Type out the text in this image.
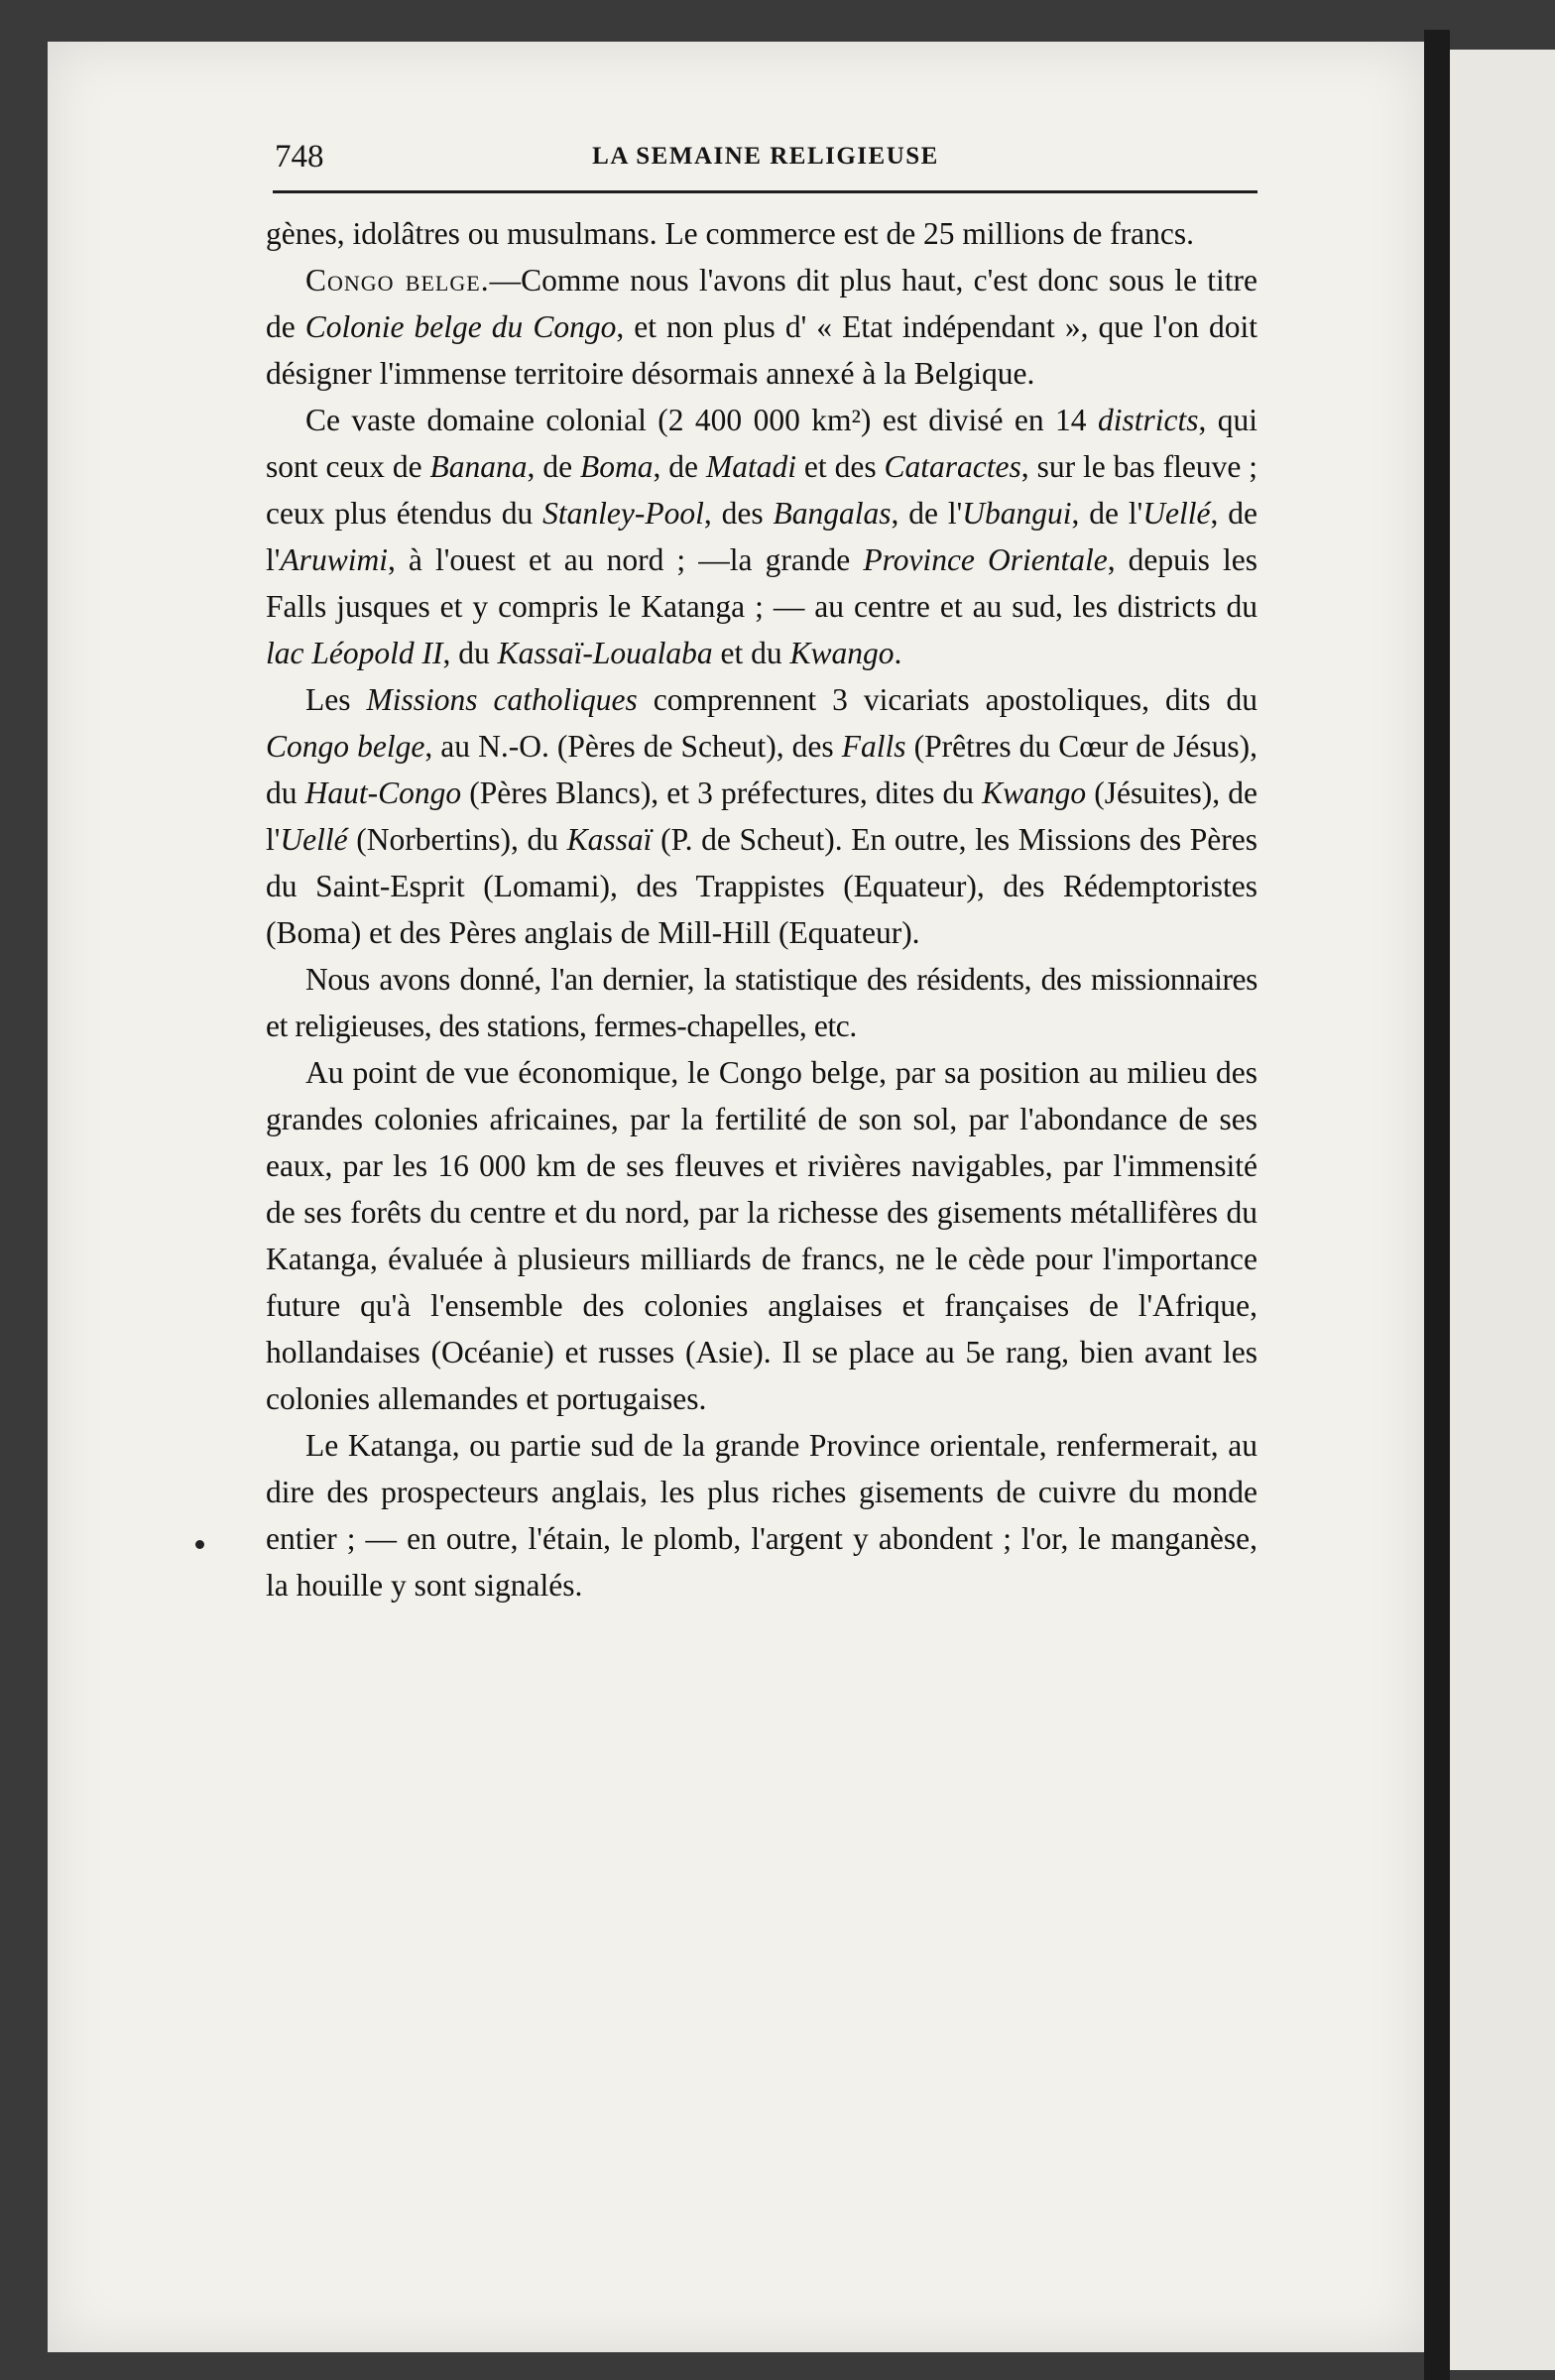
748	LA SEMAINE RELIGIEUSE

gènes, idolâtres ou musulmans. Le commerce est de 25 millions de francs.

Congo belge.—Comme nous l'avons dit plus haut, c'est donc sous le titre de Colonie belge du Congo, et non plus d' « Etat indépendant », que l'on doit désigner l'immense territoire désormais annexé à la Belgique.

Ce vaste domaine colonial (2 400 000 km²) est divisé en 14 districts, qui sont ceux de Banana, de Boma, de Matadi et des Cataractes, sur le bas fleuve ; ceux plus étendus du Stanley-Pool, des Bangalas, de l'Ubangui, de l'Uellé, de l'Aruwimi, à l'ouest et au nord ; —la grande Province Orientale, depuis les Falls jusques et y compris le Katanga ; — au centre et au sud, les districts du lac Léopold II, du Kassaï-Loualaba et du Kwango.

Les Missions catholiques comprennent 3 vicariats apostoliques, dits du Congo belge, au N.-O. (Pères de Scheut), des Falls (Prêtres du Cœur de Jésus), du Haut-Congo (Pères Blancs), et 3 préfectures, dites du Kwango (Jésuites), de l'Uellé (Norbertins), du Kassaï (P. de Scheut). En outre, les Missions des Pères du Saint-Esprit (Lomami), des Trappistes (Equateur), des Rédemptoristes (Boma) et des Pères anglais de Mill-Hill (Equateur).

Nous avons donné, l'an dernier, la statistique des résidents, des missionnaires et religieuses, des stations, fermes-chapelles, etc.

Au point de vue économique, le Congo belge, par sa position au milieu des grandes colonies africaines, par la fertilité de son sol, par l'abondance de ses eaux, par les 16 000 km de ses fleuves et rivières navigables, par l'immensité de ses forêts du centre et du nord, par la richesse des gisements métallifères du Katanga, évaluée à plusieurs milliards de francs, ne le cède pour l'importance future qu'à l'ensemble des colonies anglaises et françaises de l'Afrique, hollandaises (Océanie) et russes (Asie). Il se place au 5e rang, bien avant les colonies allemandes et portugaises.

Le Katanga, ou partie sud de la grande Province orientale, renfermerait, au dire des prospecteurs anglais, les plus riches gisements de cuivre du monde entier ; — en outre, l'étain, le plomb, l'argent y abondent ; l'or, le manganèse, la houille y sont signalés.
